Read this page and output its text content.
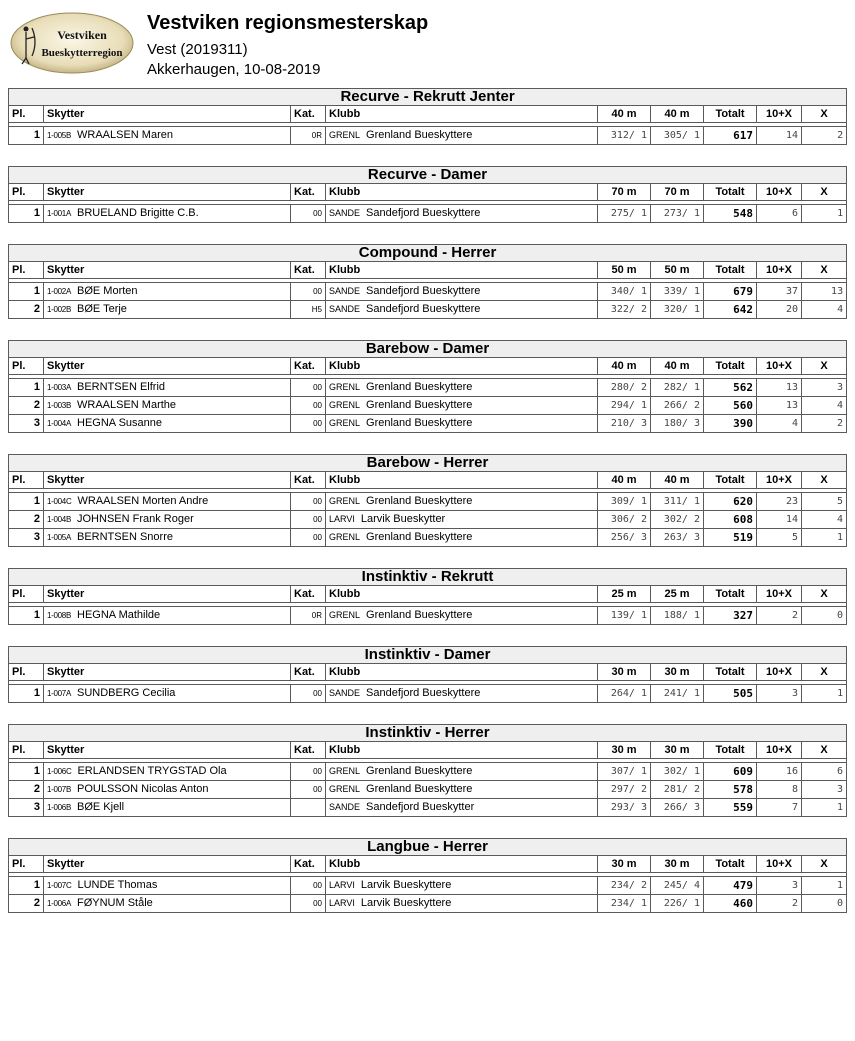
Vestviken
Bueskytterregion
Vestviken regionsmesterskap
Vest (2019311)
Akkerhaugen, 10-08-2019
Recurve - Rekrutt Jenter								
Pl.	Skytter	Kat.	Klubb	40 m	40 m	Totalt	10+X	X

1	1-005B WRAALSEN Maren	0R	GRENL Grenland Bueskyttere	312/ 1	305/ 1	617	14	2
Recurve - Damer								
Pl.	Skytter	Kat.	Klubb	70 m	70 m	Totalt	10+X	X

1	1-001A BRUELAND Brigitte C.B.	00	SANDE Sandefjord Bueskyttere	275/ 1	273/ 1	548	6	1
Compound - Herrer								
Pl.	Skytter	Kat.	Klubb	50 m	50 m	Totalt	10+X	X

1	1-002A BØE Morten	00	SANDE Sandefjord Bueskyttere	340/ 1	339/ 1	679	37	13
2	1-002B BØE Terje	H5	SANDE Sandefjord Bueskyttere	322/ 2	320/ 1	642	20	4
Barebow - Damer								
Pl.	Skytter	Kat.	Klubb	40 m	40 m	Totalt	10+X	X

1	1-003A BERNTSEN Elfrid	00	GRENL Grenland Bueskyttere	280/ 2	282/ 1	562	13	3
2	1-003B WRAALSEN Marthe	00	GRENL Grenland Bueskyttere	294/ 1	266/ 2	560	13	4
3	1-004A HEGNA Susanne	00	GRENL Grenland Bueskyttere	210/ 3	180/ 3	390	4	2
Barebow - Herrer								
Pl.	Skytter	Kat.	Klubb	40 m	40 m	Totalt	10+X	X

1	1-004C WRAALSEN Morten Andre	00	GRENL Grenland Bueskyttere	309/ 1	311/ 1	620	23	5
2	1-004B JOHNSEN Frank Roger	00	LARVI Larvik Bueskytter	306/ 2	302/ 2	608	14	4
3	1-005A BERNTSEN Snorre	00	GRENL Grenland Bueskyttere	256/ 3	263/ 3	519	5	1
Instinktiv - Rekrutt								
Pl.	Skytter	Kat.	Klubb	25 m	25 m	Totalt	10+X	X

1	1-008B HEGNA Mathilde	0R	GRENL Grenland Bueskyttere	139/ 1	188/ 1	327	2	0
Instinktiv - Damer								
Pl.	Skytter	Kat.	Klubb	30 m	30 m	Totalt	10+X	X

1	1-007A SUNDBERG Cecilia	00	SANDE Sandefjord Bueskyttere	264/ 1	241/ 1	505	3	1
Instinktiv - Herrer								
Pl.	Skytter	Kat.	Klubb	30 m	30 m	Totalt	10+X	X

1	1-006C ERLANDSEN TRYGSTAD Ola	00	GRENL Grenland Bueskyttere	307/ 1	302/ 1	609	16	6
2	1-007B POULSSON Nicolas Anton	00	GRENL Grenland Bueskyttere	297/ 2	281/ 2	578	8	3
3	1-006B BØE Kjell		SANDE Sandefjord Bueskytter	293/ 3	266/ 3	559	7	1
Langbue - Herrer								
Pl.	Skytter	Kat.	Klubb	30 m	30 m	Totalt	10+X	X

1	1-007C LUNDE Thomas	00	LARVI Larvik Bueskyttere	234/ 2	245/ 4	479	3	1
2	1-006A FØYNUM Ståle	00	LARVI Larvik Bueskyttere	234/ 1	226/ 1	460	2	0
